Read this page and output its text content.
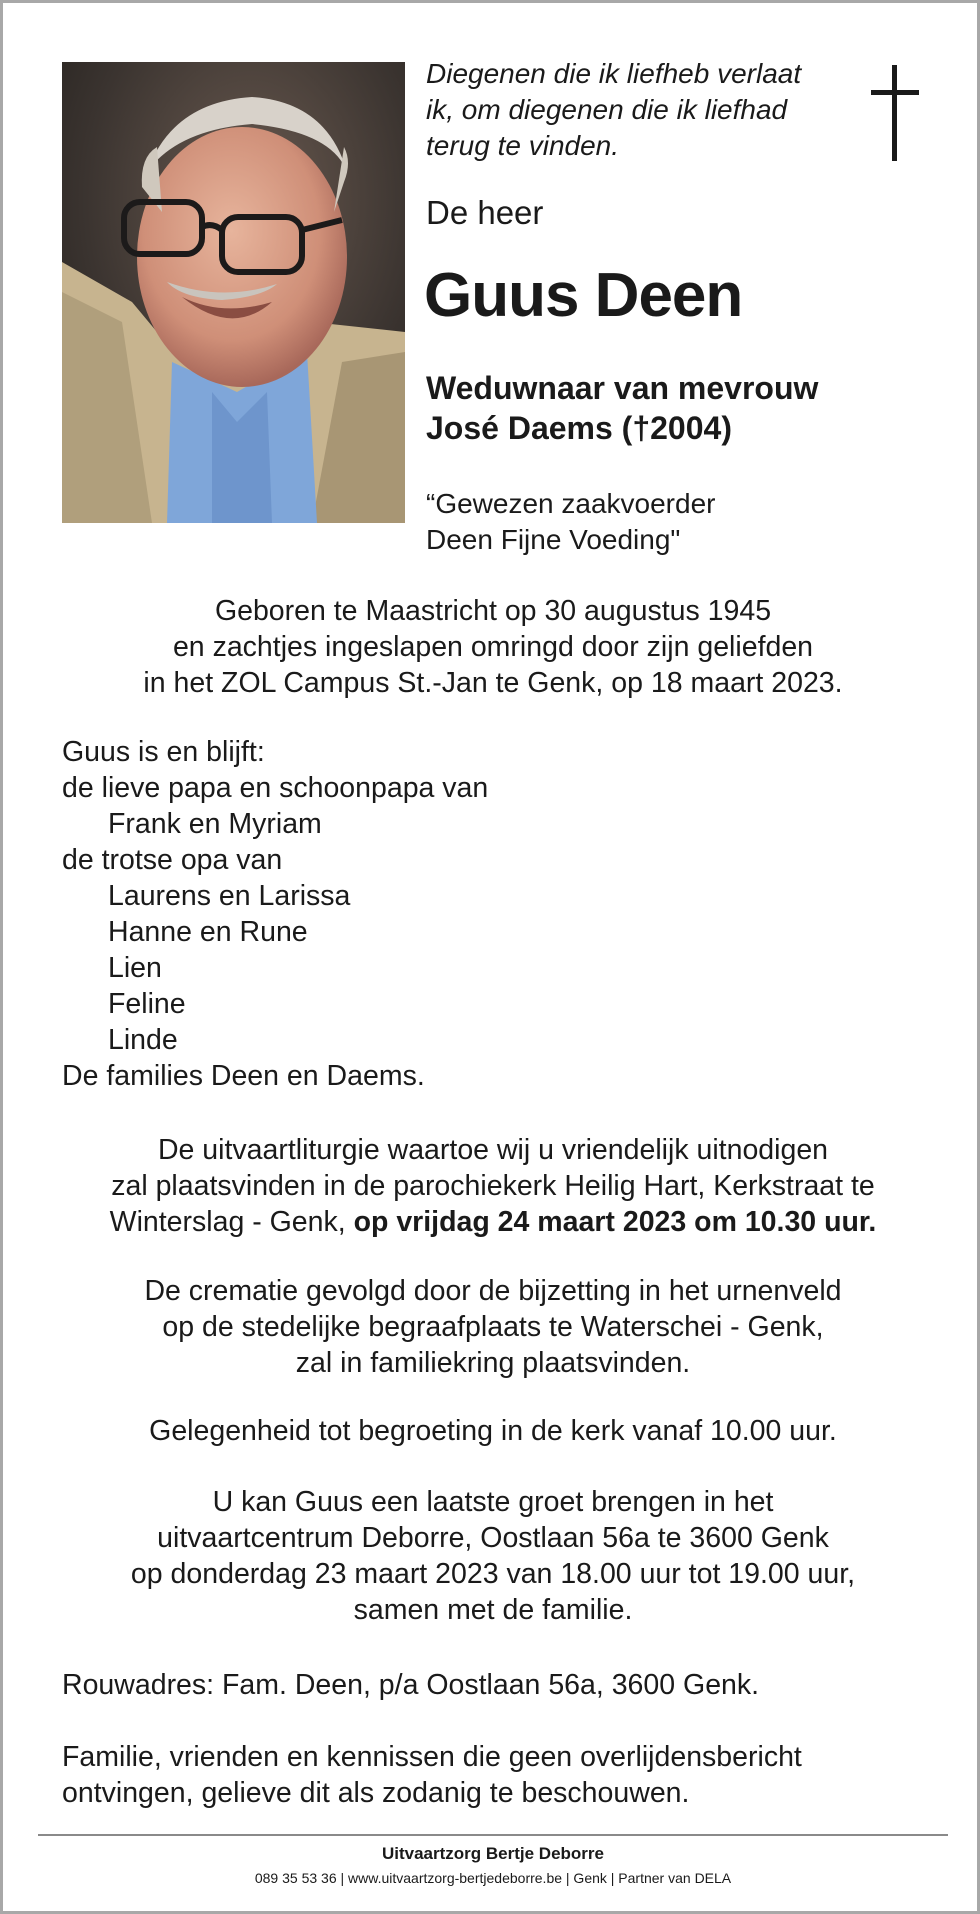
Diegenen die ik liefheb verlaat
ik, om diegenen die ik liefhad
terug te vinden.
De heer
Guus Deen
Weduwnaar van mevrouw
José Daems (†2004)
“Gewezen zaakvoerder
Deen Fijne Voeding"
Geboren te Maastricht op 30 augustus 1945
en zachtjes ingeslapen omringd door zijn geliefden
in het ZOL Campus St.-Jan te Genk, op 18 maart 2023.
Guus is en blijft:
de lieve papa en schoonpapa van
Frank en Myriam
de trotse opa van
Laurens en Larissa
Hanne en Rune
Lien
Feline
Linde
De families Deen en Daems.
De uitvaartliturgie waartoe wij u vriendelijk uitnodigen
zal plaatsvinden in de parochiekerk Heilig Hart, Kerkstraat te
Winterslag - Genk, op vrijdag 24 maart 2023 om 10.30 uur.
De crematie gevolgd door de bijzetting in het urnenveld
op de stedelijke begraafplaats te Waterschei - Genk,
zal in familiekring plaatsvinden.
Gelegenheid tot begroeting in de kerk vanaf 10.00 uur.
U kan Guus een laatste groet brengen in het
uitvaartcentrum Deborre, Oostlaan 56a te 3600 Genk
op donderdag 23 maart 2023 van 18.00 uur tot 19.00 uur,
samen met de familie.
Rouwadres: Fam. Deen, p/a Oostlaan 56a, 3600 Genk.
Familie, vrienden en kennissen die geen overlijdensbericht
ontvingen, gelieve dit als zodanig te beschouwen.
Uitvaartzorg Bertje Deborre
089 35 53 36 | www.uitvaartzorg-bertjedeborre.be | Genk | Partner van DELA
